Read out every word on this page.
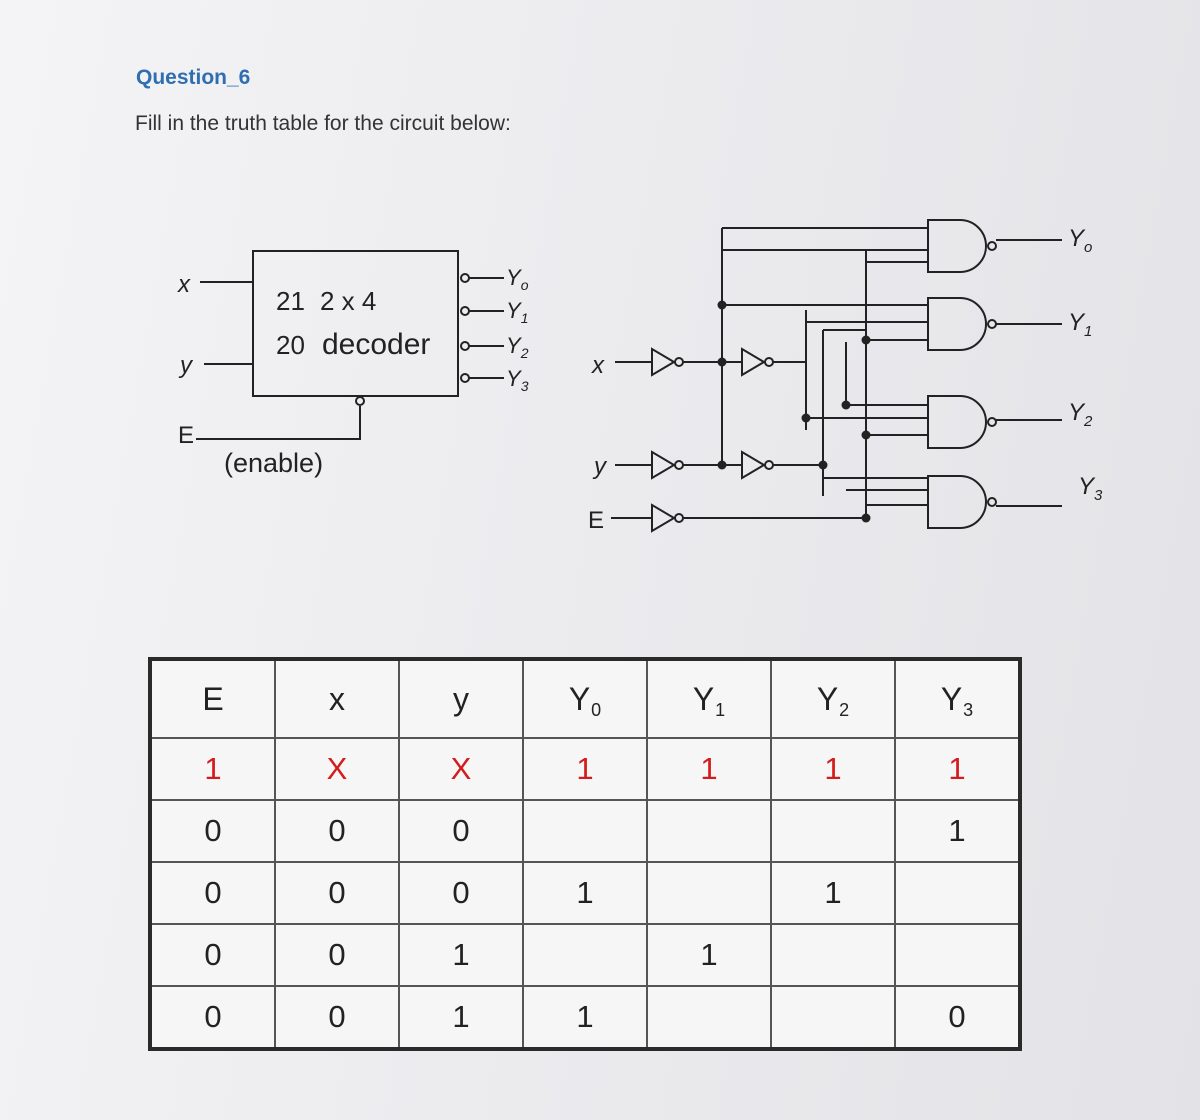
Question_6
Fill in the truth table for the circuit below:
x
y
E
(enable)
21 2 x 4
20 decoder
$Y_o$
$Y_1$
$Y_2$
$Y_3$
x
y
E
$Y_o$
$Y_1$
$Y_2$
$Y_3$
E	x	y	Y0	Y1	Y2	Y3
1	X	X	1	1	1	1
0	0	0				1
0	0	0	1		1	
0	0	1		1		
0	0	1	1			0
